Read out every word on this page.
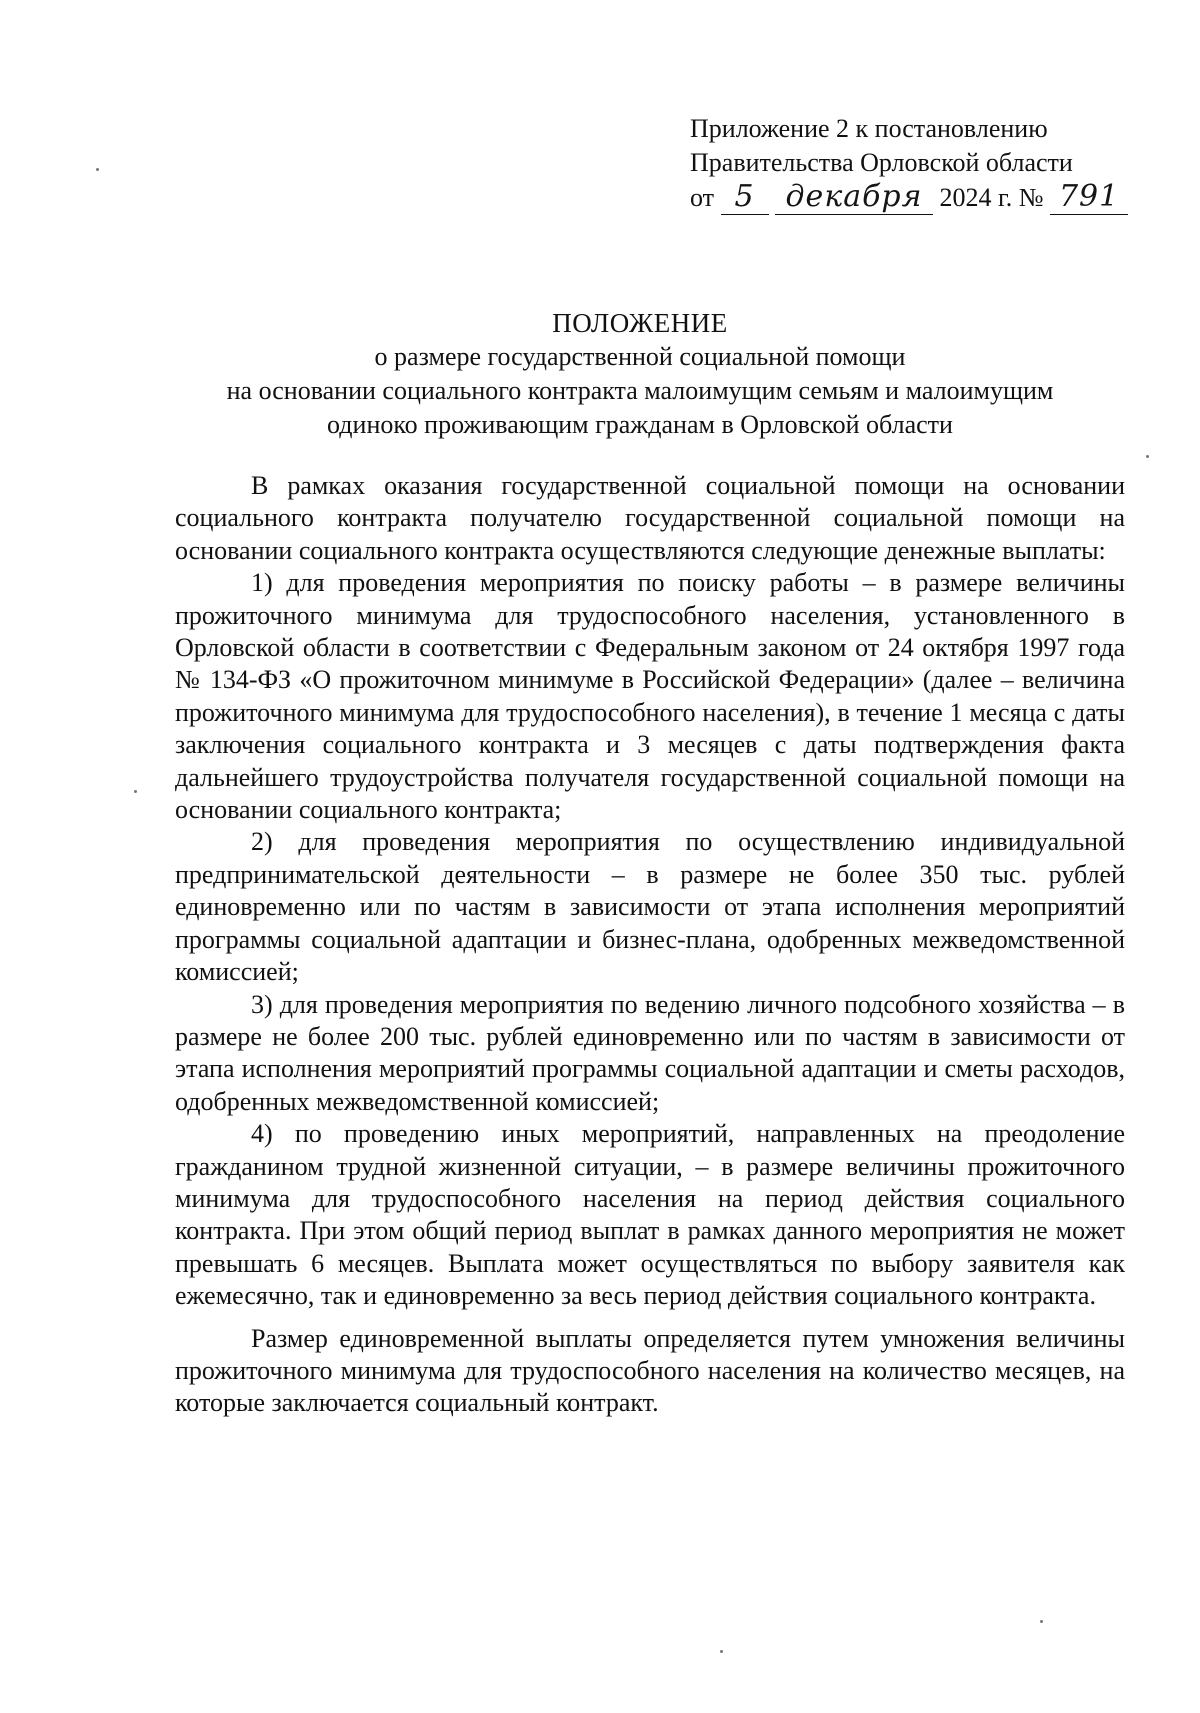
Приложение 2 к постановлению
Правительства Орловской области
от 5 декабря 2024 г. № 791
ПОЛОЖЕНИЕ
о размере государственной социальной помощи
на основании социального контракта малоимущим семьям и малоимущим
одиноко проживающим гражданам в Орловской области

В рамках оказания государственной социальной помощи на основании социального контракта получателю государственной социальной помощи на основании социального контракта осуществляются следующие денежные выплаты:

1) для проведения мероприятия по поиску работы – в размере величины прожиточного минимума для трудоспособного населения, установленного в Орловской области в соответствии с Федеральным законом от 24 октября 1997 года № 134-ФЗ «О прожиточном минимуме в Российской Федерации» (далее – величина прожиточного минимума для трудоспособного населения), в течение 1 месяца с даты заключения социального контракта и 3 месяцев с даты подтверждения факта дальнейшего трудоустройства получателя государственной социальной помощи на основании социального контракта;

2) для проведения мероприятия по осуществлению индивидуальной предпринимательской деятельности – в размере не более 350 тыс. рублей единовременно или по частям в зависимости от этапа исполнения мероприятий программы социальной адаптации и бизнес-плана, одобренных межведомственной комиссией;

3) для проведения мероприятия по ведению личного подсобного хозяйства – в размере не более 200 тыс. рублей единовременно или по частям в зависимости от этапа исполнения мероприятий программы социальной адаптации и сметы расходов, одобренных межведомственной комиссией;

4) по проведению иных мероприятий, направленных на преодоление гражданином трудной жизненной ситуации, – в размере величины прожиточного минимума для трудоспособного населения на период действия социального контракта. При этом общий период выплат в рамках данного мероприятия не может превышать 6 месяцев. Выплата может осуществляться по выбору заявителя как ежемесячно, так и единовременно за весь период действия социального контракта.

Размер единовременной выплаты определяется путем умножения величины прожиточного минимума для трудоспособного населения на количество месяцев, на которые заключается социальный контракт.
